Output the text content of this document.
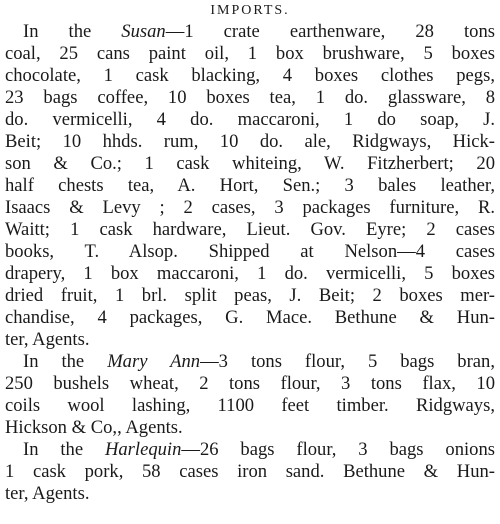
IMPORTS.
In the Susan—1 crate earthenware, 28 tons
coal, 25 cans paint oil, 1 box brushware, 5 boxes
chocolate, 1 cask blacking, 4 boxes clothes pegs,
23 bags coffee, 10 boxes tea, 1 do. glassware, 8
do. vermicelli, 4 do. maccaroni, 1 do soap, J.
Beit; 10 hhds. rum, 10 do. ale, Ridgways, Hick-
son & Co.; 1 cask whiteing, W. Fitzherbert; 20
half chests tea, A. Hort, Sen.; 3 bales leather,
Isaacs & Levy ; 2 cases, 3 packages furniture, R.
Waitt; 1 cask hardware, Lieut. Gov. Eyre; 2 cases
books, T. Alsop. Shipped at Nelson—4 cases
drapery, 1 box maccaroni, 1 do. vermicelli, 5 boxes
dried fruit, 1 brl. split peas, J. Beit; 2 boxes mer-
chandise, 4 packages, G. Mace. Bethune & Hun-
ter, Agents.
In the Mary Ann—3 tons flour, 5 bags bran,
250 bushels wheat, 2 tons flour, 3 tons flax, 10
coils wool lashing, 1100 feet timber. Ridgways,
Hickson & Co,, Agents.
In the Harlequin—26 bags flour, 3 bags onions
1 cask pork, 58 cases iron sand. Bethune & Hun-
ter, Agents.
